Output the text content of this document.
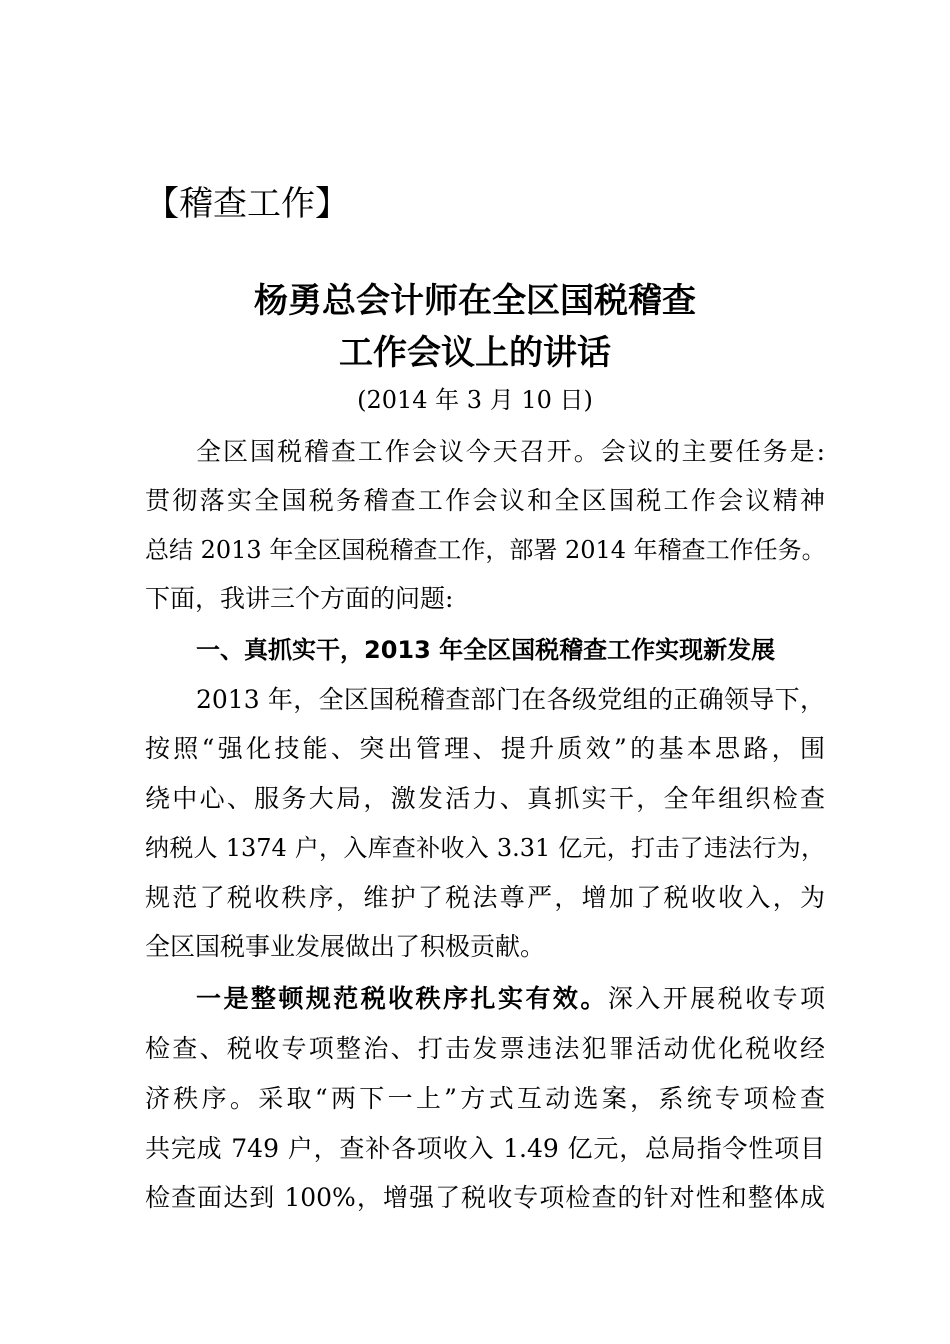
【稽查工作】
杨勇总会计师在全区国税稽查
工作会议上的讲话
(2014 年 3 月 10 日)
全区国税稽查工作会议今天召开。会议的主要任务是:
贯彻落实全国税务稽查工作会议和全区国税工作会议精神
总结 2013 年全区国税稽查工作，部署 2014 年稽查工作任务。
下面，我讲三个方面的问题:
一、真抓实干，2013 年全区国税稽查工作实现新发展
2013 年，全区国税稽查部门在各级党组的正确领导下，
按照“强化技能、突出管理、提升质效”的基本思路，围
绕中心、服务大局，激发活力、真抓实干，全年组织检查
纳税人 1374 户，入库查补收入 3.31 亿元，打击了违法行为，
规范了税收秩序，维护了税法尊严，增加了税收收入，为
全区国税事业发展做出了积极贡献。
一是整顿规范税收秩序扎实有效。深入开展税收专项
检查、税收专项整治、打击发票违法犯罪活动优化税收经
济秩序。采取“两下一上”方式互动选案，系统专项检查
共完成 749 户，查补各项收入 1.49 亿元，总局指令性项目
检查面达到 100%，增强了税收专项检查的针对性和整体成
